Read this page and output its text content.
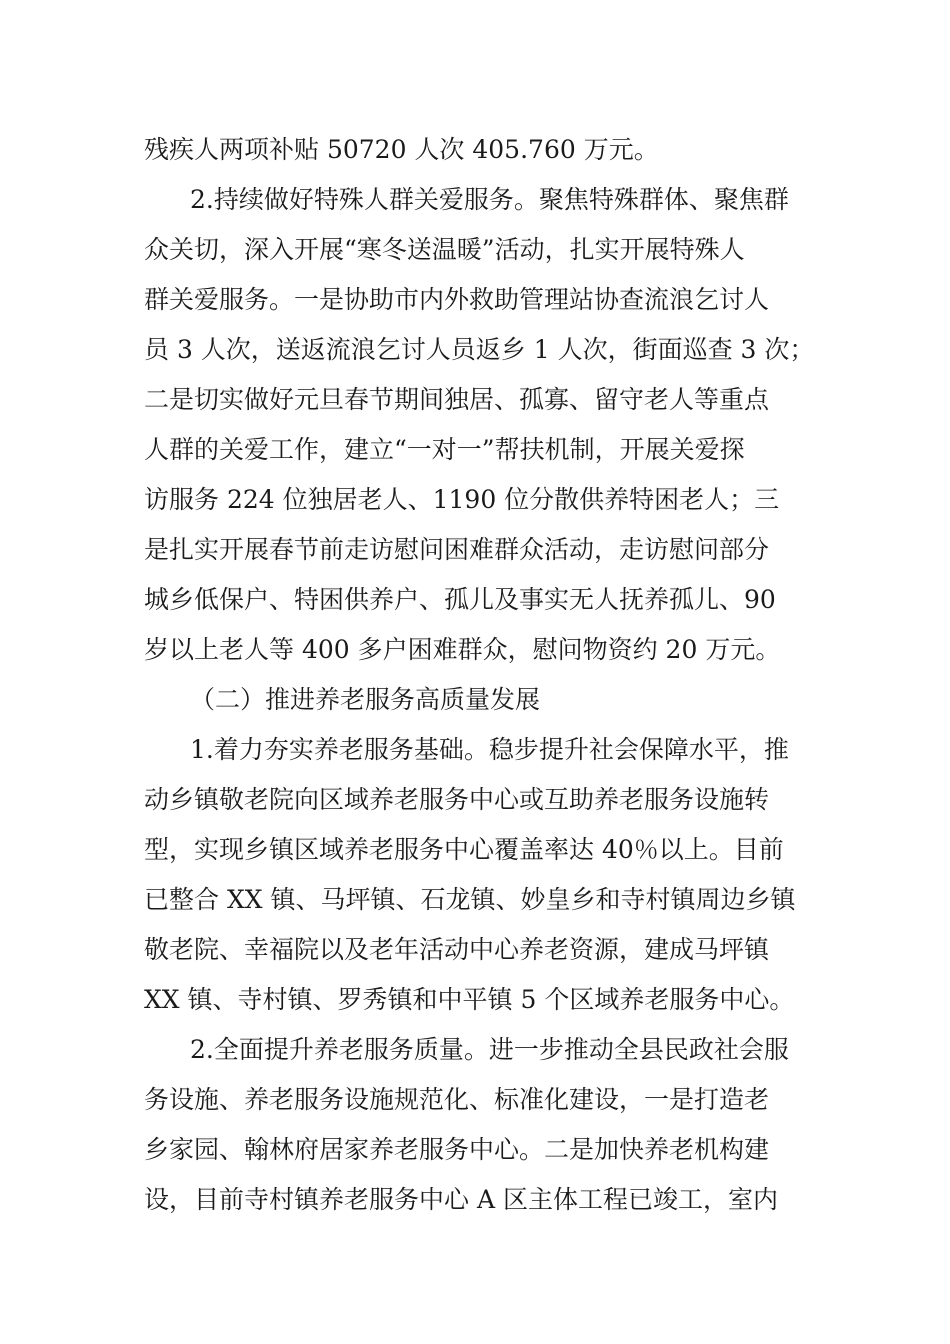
残疾人两项补贴 50720 人次 405.760 万元。
2.持续做好特殊人群关爱服务。聚焦特殊群体、聚焦群
众关切，深入开展“寒冬送温暖”活动，扎实开展特殊人
群关爱服务。一是协助市内外救助管理站协查流浪乞讨人
员 3 人次，送返流浪乞讨人员返乡 1 人次，街面巡查 3 次；
二是切实做好元旦春节期间独居、孤寡、留守老人等重点
人群的关爱工作，建立“一对一”帮扶机制，开展关爱探
访服务 224 位独居老人、1190 位分散供养特困老人；三
是扎实开展春节前走访慰问困难群众活动，走访慰问部分
城乡低保户、特困供养户、孤儿及事实无人抚养孤儿、90
岁以上老人等 400 多户困难群众，慰问物资约 20 万元。
（二）推进养老服务高质量发展
1.着力夯实养老服务基础。稳步提升社会保障水平，推
动乡镇敬老院向区域养老服务中心或互助养老服务设施转
型，实现乡镇区域养老服务中心覆盖率达 40％以上。目前
已整合 XX 镇、马坪镇、石龙镇、妙皇乡和寺村镇周边乡镇
敬老院、幸福院以及老年活动中心养老资源，建成马坪镇
XX 镇、寺村镇、罗秀镇和中平镇 5 个区域养老服务中心。
2.全面提升养老服务质量。进一步推动全县民政社会服
务设施、养老服务设施规范化、标准化建设，一是打造老
乡家园、翰林府居家养老服务中心。二是加快养老机构建
设，目前寺村镇养老服务中心 A 区主体工程已竣工，室内
